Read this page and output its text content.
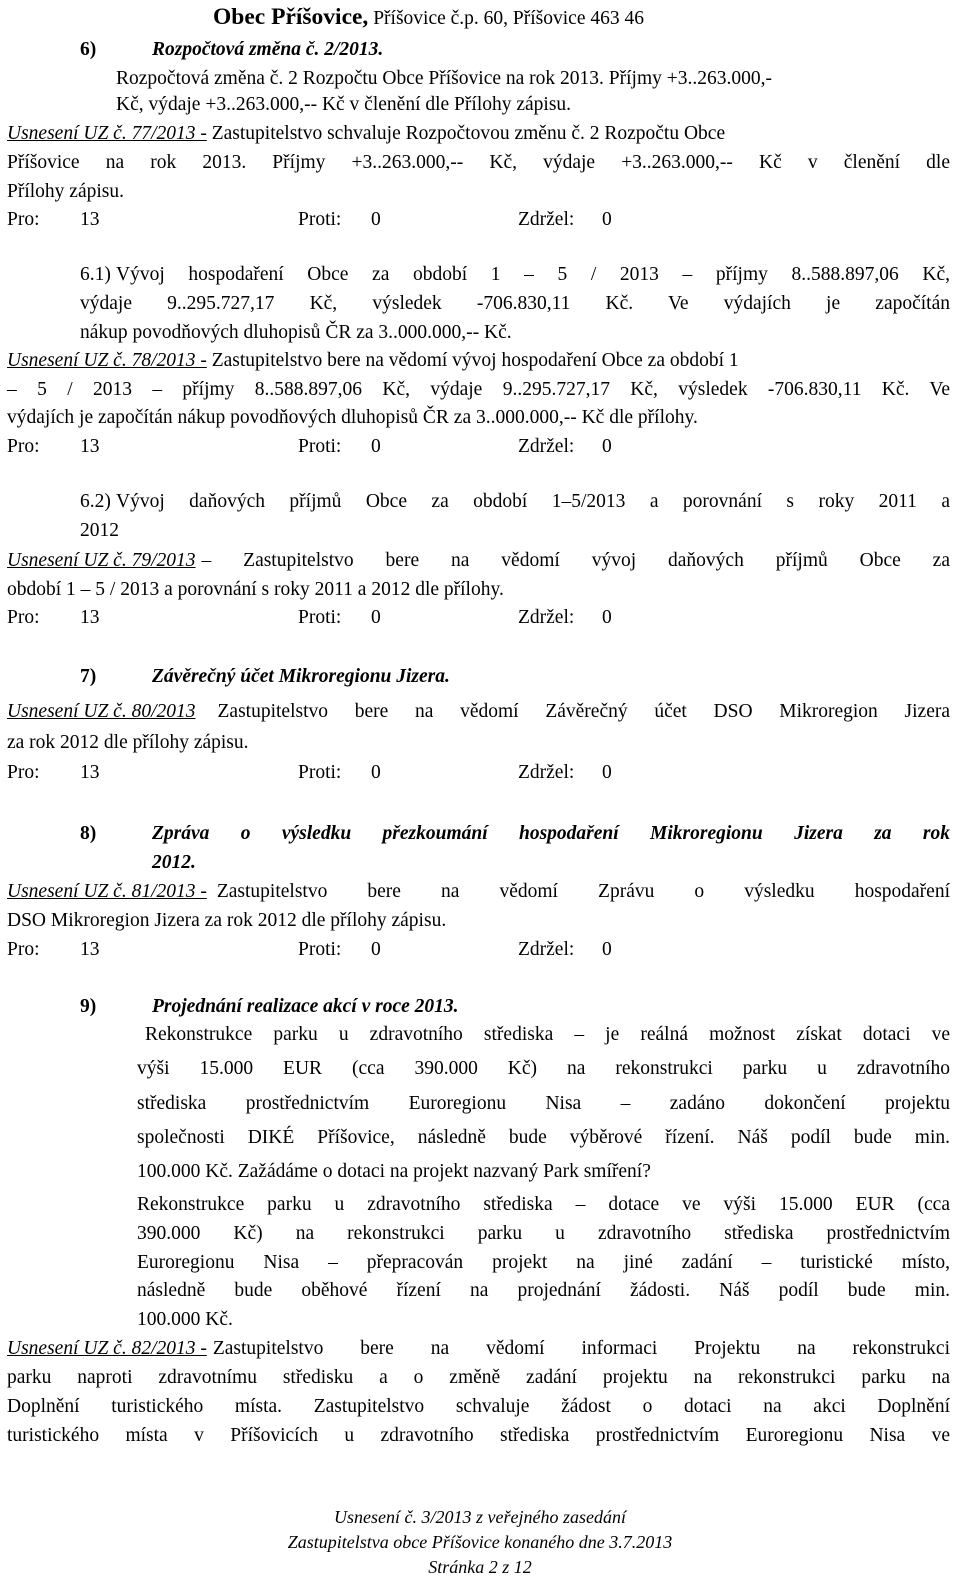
Obec Příšovice, Příšovice č.p. 60, Příšovice 463 46
6)	Rozpočtová změna č. 2/2013.
Rozpočtová změna č. 2 Rozpočtu Obce Příšovice na rok 2013. Příjmy +3..263.000,-
Kč, výdaje +3..263.000,-- Kč v členění dle Přílohy zápisu.
Usnesení UZ č. 77/2013 - Zastupitelstvo schvaluje Rozpočtovou změnu č. 2 Rozpočtu Obce
Příšovice na rok 2013. Příjmy +3..263.000,-- Kč, výdaje +3..263.000,-- Kč v členění dle
Přílohy zápisu.
Pro: 13	Proti: 0	Zdržel: 0
6.1) Vývoj hospodaření Obce za období 1 – 5 / 2013 – příjmy 8..588.897,06 Kč,
výdaje 9..295.727,17 Kč, výsledek -706.830,11 Kč. Ve výdajích je započítán
nákup povodňových dluhopisů ČR za 3..000.000,-- Kč.
Usnesení UZ č. 78/2013 - Zastupitelstvo bere na vědomí vývoj hospodaření Obce za období 1
– 5 / 2013 – příjmy 8..588.897,06 Kč, výdaje 9..295.727,17 Kč, výsledek -706.830,11 Kč. Ve
výdajích je započítán nákup povodňových dluhopisů ČR za 3..000.000,-- Kč dle přílohy.
Pro: 13	Proti: 0	Zdržel: 0
6.2) Vývoj daňových příjmů Obce za období 1–5/2013 a porovnání s roky 2011 a
2012
Usnesení UZ č. 79/2013 – Zastupitelstvo bere na vědomí vývoj daňových příjmů Obce za
období 1 – 5 / 2013 a porovnání s roky 2011 a 2012 dle přílohy.
Pro: 13	Proti: 0	Zdržel: 0
7)	Závěrečný účet Mikroregionu Jizera.
Usnesení UZ č. 80/2013 Zastupitelstvo bere na vědomí Závěrečný účet DSO Mikroregion Jizera
za rok 2012 dle přílohy zápisu.
Pro: 13	Proti: 0	Zdržel: 0
8)	Zpráva o výsledku přezkoumání hospodaření Mikroregionu Jizera za rok
2012.
Usnesení UZ č. 81/2013 - Zastupitelstvo bere na vědomí Zprávu o výsledku hospodaření
DSO Mikroregion Jizera za rok 2012 dle přílohy zápisu.
Pro: 13	Proti: 0	Zdržel: 0
9)	Projednání realizace akcí v roce 2013.
Rekonstrukce parku u zdravotního střediska – je reálná možnost získat dotaci ve
výši 15.000 EUR (cca 390.000 Kč) na rekonstrukci parku u zdravotního
střediska prostřednictvím Euroregionu Nisa – zadáno dokončení projektu
společnosti DIKÉ Příšovice, následně bude výběrové řízení. Náš podíl bude min.
100.000 Kč. Zažádáme o dotaci na projekt nazvaný Park smíření?
Rekonstrukce parku u zdravotního střediska – dotace ve výši 15.000 EUR (cca
390.000 Kč) na rekonstrukci parku u zdravotního střediska prostřednictvím
Euroregionu Nisa – přepracován projekt na jiné zadání – turistické místo,
následně bude oběhové řízení na projednání žádosti. Náš podíl bude min.
100.000 Kč.
Usnesení UZ č. 82/2013 - Zastupitelstvo bere na vědomí informaci Projektu na rekonstrukci
parku naproti zdravotnímu středisku a o změně zadání projektu na rekonstrukci parku na
Doplnění turistického místa. Zastupitelstvo schvaluje žádost o dotaci na akci Doplnění
turistického místa v Příšovicích u zdravotního střediska prostřednictvím Euroregionu Nisa ve
Usnesení č. 3/2013 z veřejného zasedání
Zastupitelstva obce Příšovice konaného dne 3.7.2013
Stránka 2 z 12
